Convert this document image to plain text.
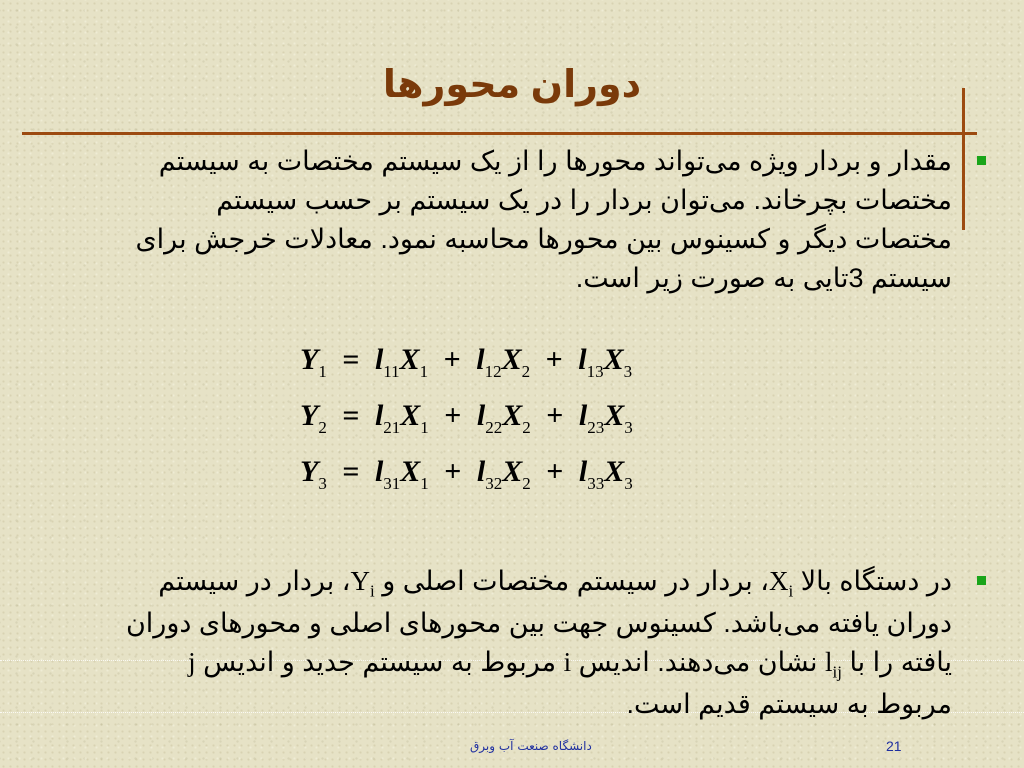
دوران محورها
مقدار و بردار ویژه می‌تواند محورها را از یک سیستم مختصات به سیستم مختصات بچرخاند. می‌توان بردار را در یک سیستم بر حسب سیستم مختصات دیگر و کسینوس بین محورها محاسبه نمود. معادلات خرجش برای سیستم 3تایی به صورت زیر است.
$Y_1 = l_{11}X_1 + l_{12}X_2 + l_{13}X_3$
$Y_2 = l_{21}X_1 + l_{22}X_2 + l_{23}X_3$
$Y_3 = l_{31}X_1 + l_{32}X_2 + l_{33}X_3$
در دستگاه بالا $X_i،$ بردار در سیستم مختصات اصلی و $Y_i،$ بردار در سیستم دوران یافته می‌باشد. کسینوس جهت بین محورهای اصلی و محورهای دوران یافته را با $l_{ij}$ نشان می‌دهند. اندیس i مربوط به سیستم جدید و اندیس j مربوط به سیستم قدیم است.
دانشگاه صنعت آب وبرق	21
